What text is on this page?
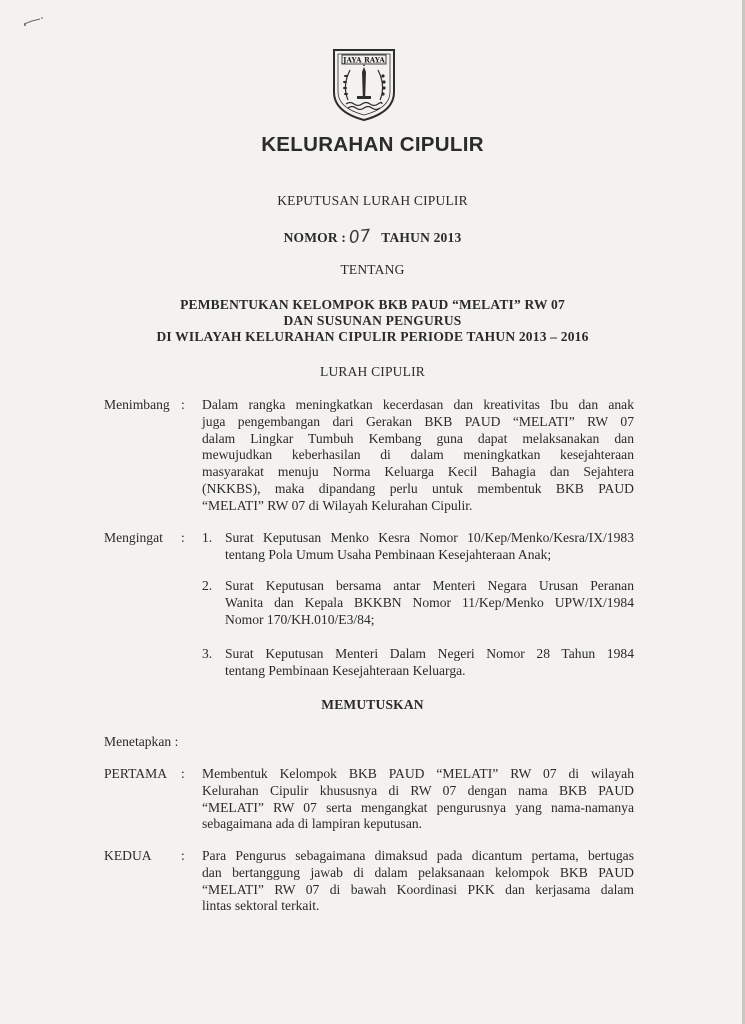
JAYA RAYA
KELURAHAN CIPULIR
KEPUTUSAN LURAH CIPULIR
NOMOR : 07 TAHUN 2013
TENTANG
PEMBENTUKAN KELOMPOK BKB PAUD “MELATI” RW 07
DAN SUSUNAN PENGURUS
DI WILAYAH KELURAHAN CIPULIR PERIODE TAHUN 2013 – 2016
LURAH CIPULIR
Menimbang : Dalam rangka meningkatkan kecerdasan dan kreativitas Ibu dan anak
juga pengembangan dari Gerakan BKB PAUD “MELATI” RW 07
dalam Lingkar Tumbuh Kembang guna dapat melaksanakan dan
mewujudkan keberhasilan di dalam meningkatkan kesejahteraan
masyarakat menuju Norma Keluarga Kecil Bahagia dan Sejahtera
(NKKBS), maka dipandang perlu untuk membentuk BKB PAUD
“MELATI” RW 07 di Wilayah Kelurahan Cipulir.
Mengingat : 1. Surat Keputusan Menko Kesra Nomor 10/Kep/Menko/Kesra/IX/1983
tentang Pola Umum Usaha Pembinaan Kesejahteraan Anak;
2. Surat Keputusan bersama antar Menteri Negara Urusan Peranan
Wanita dan Kepala BKKBN Nomor 11/Kep/Menko UPW/IX/1984
Nomor 170/KH.010/E3/84;
3. Surat Keputusan Menteri Dalam Negeri Nomor 28 Tahun 1984
tentang Pembinaan Kesejahteraan Keluarga.
MEMUTUSKAN
Menetapkan :
PERTAMA : Membentuk Kelompok BKB PAUD “MELATI” RW 07 di wilayah
Kelurahan Cipulir khususnya di RW 07 dengan nama BKB PAUD
“MELATI” RW 07 serta mengangkat pengurusnya yang nama-namanya
sebagaimana ada di lampiran keputusan.
KEDUA : Para Pengurus sebagaimana dimaksud pada dicantum pertama, bertugas
dan bertanggung jawab di dalam pelaksanaan kelompok BKB PAUD
“MELATI” RW 07 di bawah Koordinasi PKK dan kerjasama dalam
lintas sektoral terkait.
